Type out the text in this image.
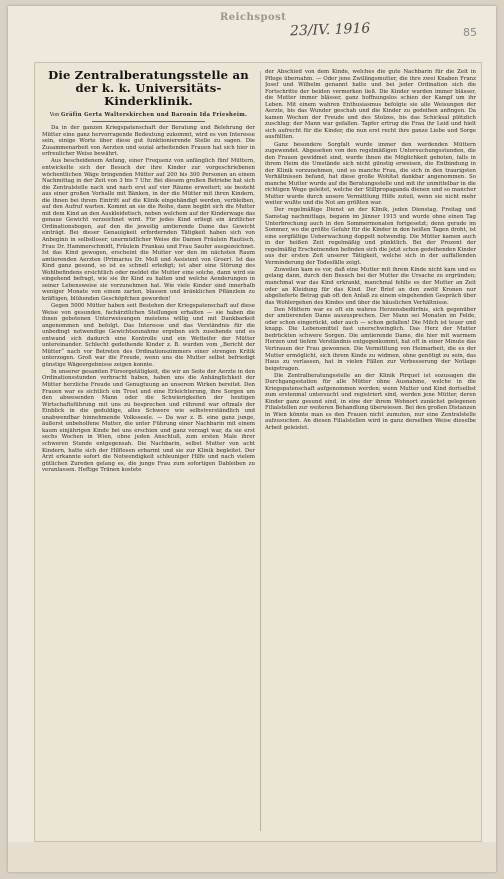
Reichspost
23/IV. 1916	85
Die Zentralberatungsstelle an der k. k. Universitäts-Kinderklinik.
Von Gräfin Gerta Walterskirchen und Baronin Ida Friesheim.

Da in der ganzen Kriegspatenschaft der Beratung und Belehrung der Mütter eine ganz hervorragende Bedeutung zukommt, wird es von Interesse sein, einige Worte über diese gut funktionierende Stelle zu sagen. Die Zusammenarbeit von Aerzten und sozial arbeitenden Frauen hat sich hier in erfreulicher Weise bewährt.

Aus bescheidenem Anfang, einer Frequenz von anfänglich fünf Müttern, entwickelte sich der Besuch der ihre Kinder zur vorgeschriebenen wöchentlichen Wäge bringenden Mütter auf 200 bis 300 Personen an einem Nachmittag in der Zeit von 3 bis 7 Uhr. Bei diesem großen Betriebe hat sich die Zentralstelle nach und nach erst auf vier Räume erweitert; sie besteht aus einer großen Vorhalle mit Bänken, in der die Mütter mit ihren Kindern, die ihnen bei ihrem Eintritt auf die Klinik eingehändigt werden, verbleiben, auf den Aufruf warten. Kommt an sie die Reihe, dann begibt sich die Mutter mit dem Kind an den Auskleidetisch, neben welchem auf der Kinderwage das genaue Gewicht verzeichnet wird. Für jedes Kind erliegt ein ärztlicher Ordinationsbogen, auf den die jeweilig amtierende Dame das Gewicht einträgt. Bei dieser Genauigkeit erfordernden Tätigkeit haben sich von Anbeginn in selbstloser, unermüdlicher Weise die Damen Fräulein Rautisch, Frau Dr. Hammerschmidt, Fräulein Frankau und Frau Saufer ausgezeichnet. Ist das Kind gewogen, erscheint die Mutter vor den im nächsten Raum amtierenden Aerzten (Primarius Dr. Moll und Assistent von Groer). Ist das Kind ganz gesund, so ist es schnell erledigt; ist aber eine Störung des Wohlbefindens ersichtlich oder meldet die Mutter eine solche, dann wird sie eingehend befragt, wie sie ihr Kind zu halten und welche Aenderungen in seiner Lebensweise sie vorzunehmen hat. Wie viele Kinder sind innerhalb weniger Monate von einem zarten, blassen und kränklichen Pflänzlein zu kräftigen, blühenden Geschöpfchen geworden!

Gegen 5000 Mütter haben seit Bestehen der Kriegspatenschaft auf diese Weise von gesunden, fachärztlichen Stellungen erhalten — sie haben die ihnen gebotenen Unterweisungen meistens willig und mit Dankbarkeit angenommen und befolgt. Das Interesse und das Verständnis für die unbedingt notwendige Gewichtszunahme ergeben sich zusehends und es entwand sich dadurch eine Kontrolle und ein Wetteifer der Mütter untereinander. Schlecht gedeihende Kinder z. B. wurden vom „Bericht der Mütter“ nach vor Betreten des Ordinationszimmers einer strengen Kritik unterzogen. Groß war die Freude, wenn uns die Mutter selbst befriedigt günstige Wägeergebnisse zeigen konnte.

In unserer gesamten Fürsorgetätigkeit, die wir an Seite der Aerzte in den Ordinationsstunden verbracht haben, haben uns die Anhänglichkeit der Mütter herzliche Freude und Genugtuung an unserem Wirken bereitet. Den Frauen war es sichtlich ein Trost und eine Erleichterung, ihre Sorgen um den abwesenden Mann oder die Schwierigkeiten der heutigen Wirtschaftsführung mit uns zu besprechen und rührend war oftmals der Einblick in die geduldige, alles Schwere wie selbstverständlich und unabwendbar hinnehmende Volksseele. — Da war z. B. eine ganz junge, äußerst unbeholfene Mutter, die unter Führung einer Nachbarin mit einem kaum einjährigen Kinde bei uns erschien und ganz verzagt war, da sie erst sechs Wochen in Wien, ohne jeden Anschluß, zum ersten Male ihrer schweren Stunde entgegensah. Die Nachbarin, selbst Mutter von acht Kindern, hatte sich der Hilflosen erbarmt und sie zur Klinik begleitet. Der Arzt erkannte sofort die Notwendigkeit schleuniger Hilfe und nach vielem gütlichen Zureden gelang es, die junge Frau zum sofortigen Dableiben zu veranlassen. Heftige Tränen kostete

der Abschied von dem Kinde, welches die gute Nachbarin für die Zeit in Pflege übernahm. — Oder jene Zwillingsmutter, die ihre zwei Knaben Franz Josef und Wilhelm genannt hatte und bei jeder Ordination sich die Fortschritte der beiden vermerken ließ. Die Kinder wurden immer blässer, die Mutter immer blässer, ganz hoffnungslos schien der Kampf um ihr Leben. Mit einem wahren Enthusiasmus befolgte sie alle Weisungen der Aerzte, bis das Wunder geschah und die Kinder zu gedeihen anfingen. Da kamen Wochen der Freude und des Stolzes, bis das Schicksal plötzlich zuschlug: der Mann war gefallen. Tapfer ertrug die Frau ihr Leid und hielt sich aufrecht für die Kinder, die nun erst recht ihre ganze Liebe und Sorge ausfüllten.

Ganz besondere Sorgfalt wurde immer den werdenden Müttern zugewendet. Abgesehen von den regelmäßigen Untersuchungsstunden, die den Frauen gewidmet sind, wurde ihnen die Möglichkeit geboten, falls in ihrem Heim die Umstände sich nicht günstig erweisen, die Entbindung in der Klinik vorzunehmen, und so manche Frau, die sich in den traurigsten Verhältnissen befand, hat diese große Wohltat dankbar angenommen. So manche Mutter wurde auf die Beratungsstelle und mit ihr unmittelbar in die richtigen Wege geleitet, welche der Stillpropaganda dienen und so mancher Mutter wurde durch unsere Vermittlung Hilfe zuteil, wenn sie nicht mehr weiter wußte und die Not am größten war.

Der regelmäßige Dienst an der Klinik, jeden Dienstag, Freitag und Samstag nachmittags, begann im Jänner 1915 und wurde ohne einen Tag Unterbrechung auch in den Sommermonaten fortgesetzt; denn gerade im Sommer, wo die größte Gefahr für die Kinder in den heißen Tagen droht, ist eine sorgfältige Ueberwachung doppelt notwendig. Die Mütter kamen auch in der heißen Zeit regelmäßig und pünktlich. Bei der Prozent der regelmäßig Erscheinenden befinden sich die jetzt schon gedeihenden Kinder aus der ersten Zeit unserer Tätigkeit, welche sich in der auffallenden Verminderung der Todesfälle zeigt.

Zuweilen kam es vor, daß eine Mutter mit ihrem Kinde nicht kam und es gelang dann, durch den Besuch bei der Mutter die Ursache zu ergründen; manchmal war das Kind erkrankt, manchmal fehlte es der Mutter an Zeit oder an Kleidung für das Kind. Der Brief an den zwölf Kronen nur abgelieferte Betrag gab oft den Anlaß zu einem eingehenden Gespräch über das Wohlergehen des Kindes und über die häuslichen Verhältnisse.

Den Müttern war es oft ein wahres Herzensbedürfnis, sich gegenüber der amtierenden Dame auszusprechen. Der Mann sei Monaten im Felde, oder schon eingerückt, oder auch — schon gefallen! Die Milch ist teuer und knapp. Die Lebensmittel fast unerschwinglich. Das Herz der Mutter bedrückten schwere Sorgen. Die amtierende Dame, die hier mit warmem Herzen und tiefem Verständnis entgegenkommt, hat oft in einer Minute das Vertrauen der Frau gewonnen. Die Vermittlung von Heimarbeit, die es der Mutter ermöglicht, sich ihrem Kinde zu widmen, ohne genötigt zu sein, das Haus zu verlassen, hat in vielen Fällen zur Verbesserung der Notlage beigetragen.

Die Zentralberatungsstelle an der Klinik Pirquet ist sozusagen die Durchgangsstation für alle Mütter ohne Ausnahme, welche in die Kriegspatenschaft aufgenommen werden; wenn Mutter und Kind dortselbst zum erstenmal untersucht und registriert sind, werden jene Mütter, deren Kinder ganz gesund sind, in eine der ihrem Wohnort zunächst gelegenen Filialstellen zur weiteren Behandlung überwiesen. Bei den großen Distanzen in Wien könnte man es den Frauen nicht zumuten, nur eine Zentralstelle aufzusuchen. An diesen Filialstellen wird in ganz derselben Weise dieselbe Arbeit geleistet.
